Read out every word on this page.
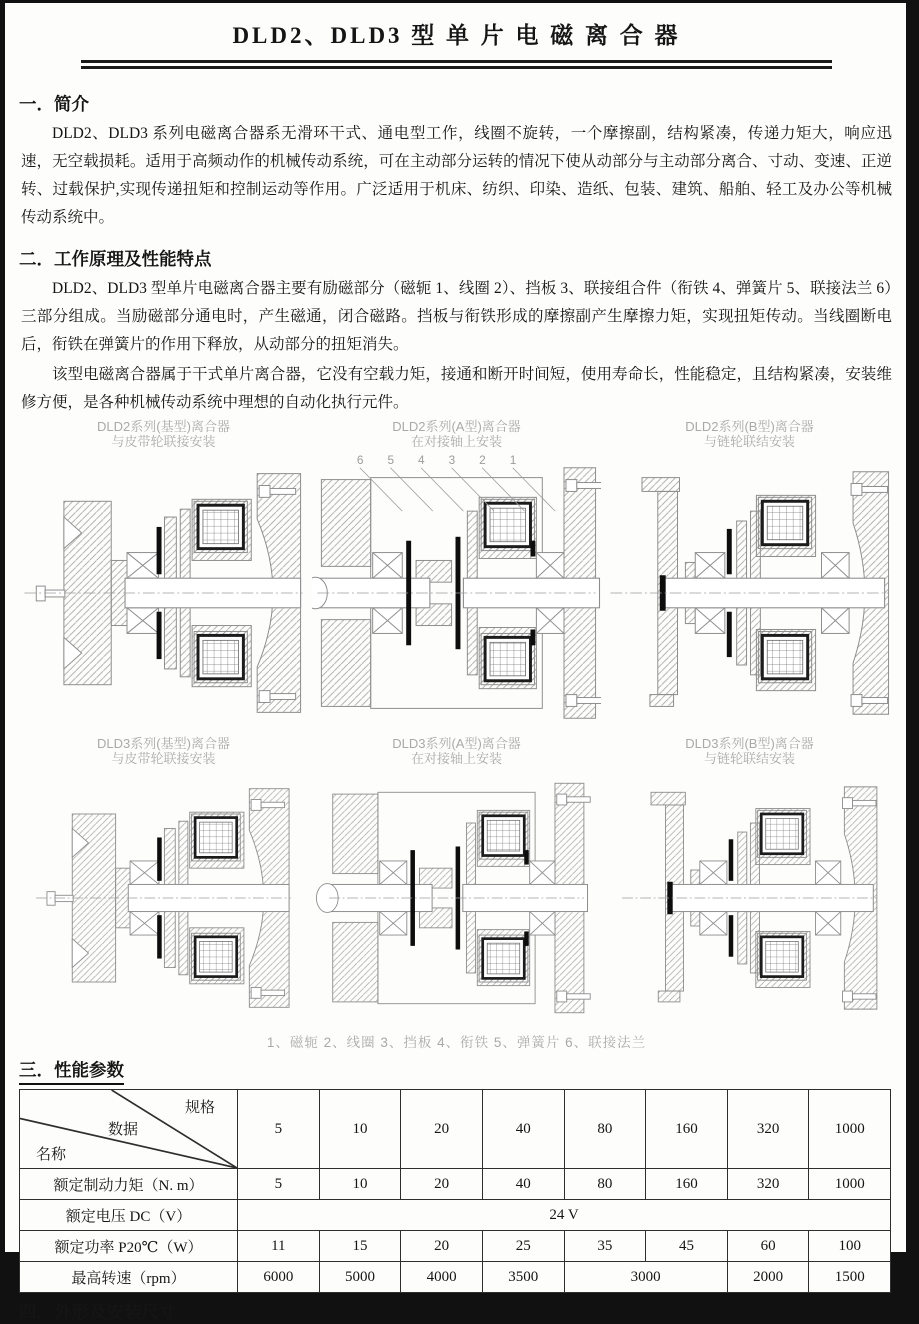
DLD2、DLD3 型 单 片 电 磁 离 合 器
一．简介

DLD2、DLD3 系列电磁离合器系无滑环干式、通电型工作，线圈不旋转，一个摩擦副，结构紧凑，传递力矩大，响应迅速，无空载损耗。适用于高频动作的机械传动系统，可在主动部分运转的情况下使从动部分与主动部分离合、寸动、变速、正逆转、过载保护,实现传递扭矩和控制运动等作用。广泛适用于机床、纺织、印染、造纸、包装、建筑、船舶、轻工及办公等机械传动系统中。

二．工作原理及性能特点

DLD2、DLD3 型单片电磁离合器主要有励磁部分（磁轭 1、线圈 2）、挡板 3、联接组合件（衔铁 4、弹簧片 5、联接法兰 6）三部分组成。当励磁部分通电时，产生磁通，闭合磁路。挡板与衔铁形成的摩擦副产生摩擦力矩，实现扭矩传动。当线圈断电后，衔铁在弹簧片的作用下释放，从动部分的扭矩消失。

该型电磁离合器属于干式单片离合器，它没有空载力矩，接通和断开时间短，使用寿命长，性能稳定，且结构紧凑，安装维修方便，是各种机械传动系统中理想的自动化执行元件。

DLD2系列(基型)离合器
与皮带轮联接安装
DLD2系列(A型)离合器
在对接轴上安装
6 5 4 3 2 1
DLD2系列(B型)离合器
与链轮联结安装
DLD3系列(基型)离合器
与皮带轮联接安装
DLD3系列(A型)离合器
在对接轴上安装
DLD3系列(B型)离合器
与链轮联结安装
1、磁轭 2、线圈 3、挡板 4、衔铁 5、弹簧片 6、联接法兰
三．性能参数
规格
数据
名称	5	10	20	40	80	160	320	1000
额定制动力矩（N. m）	5	10	20	40	80	160	320	1000
额定电压 DC（V）	24 V							
额定功率 P20℃（W）	11	15	20	25	35	45	60	100
最高转速（rpm）	6000	5000	4000	3500	3000		2000	1500
四．外形及安装尺寸
